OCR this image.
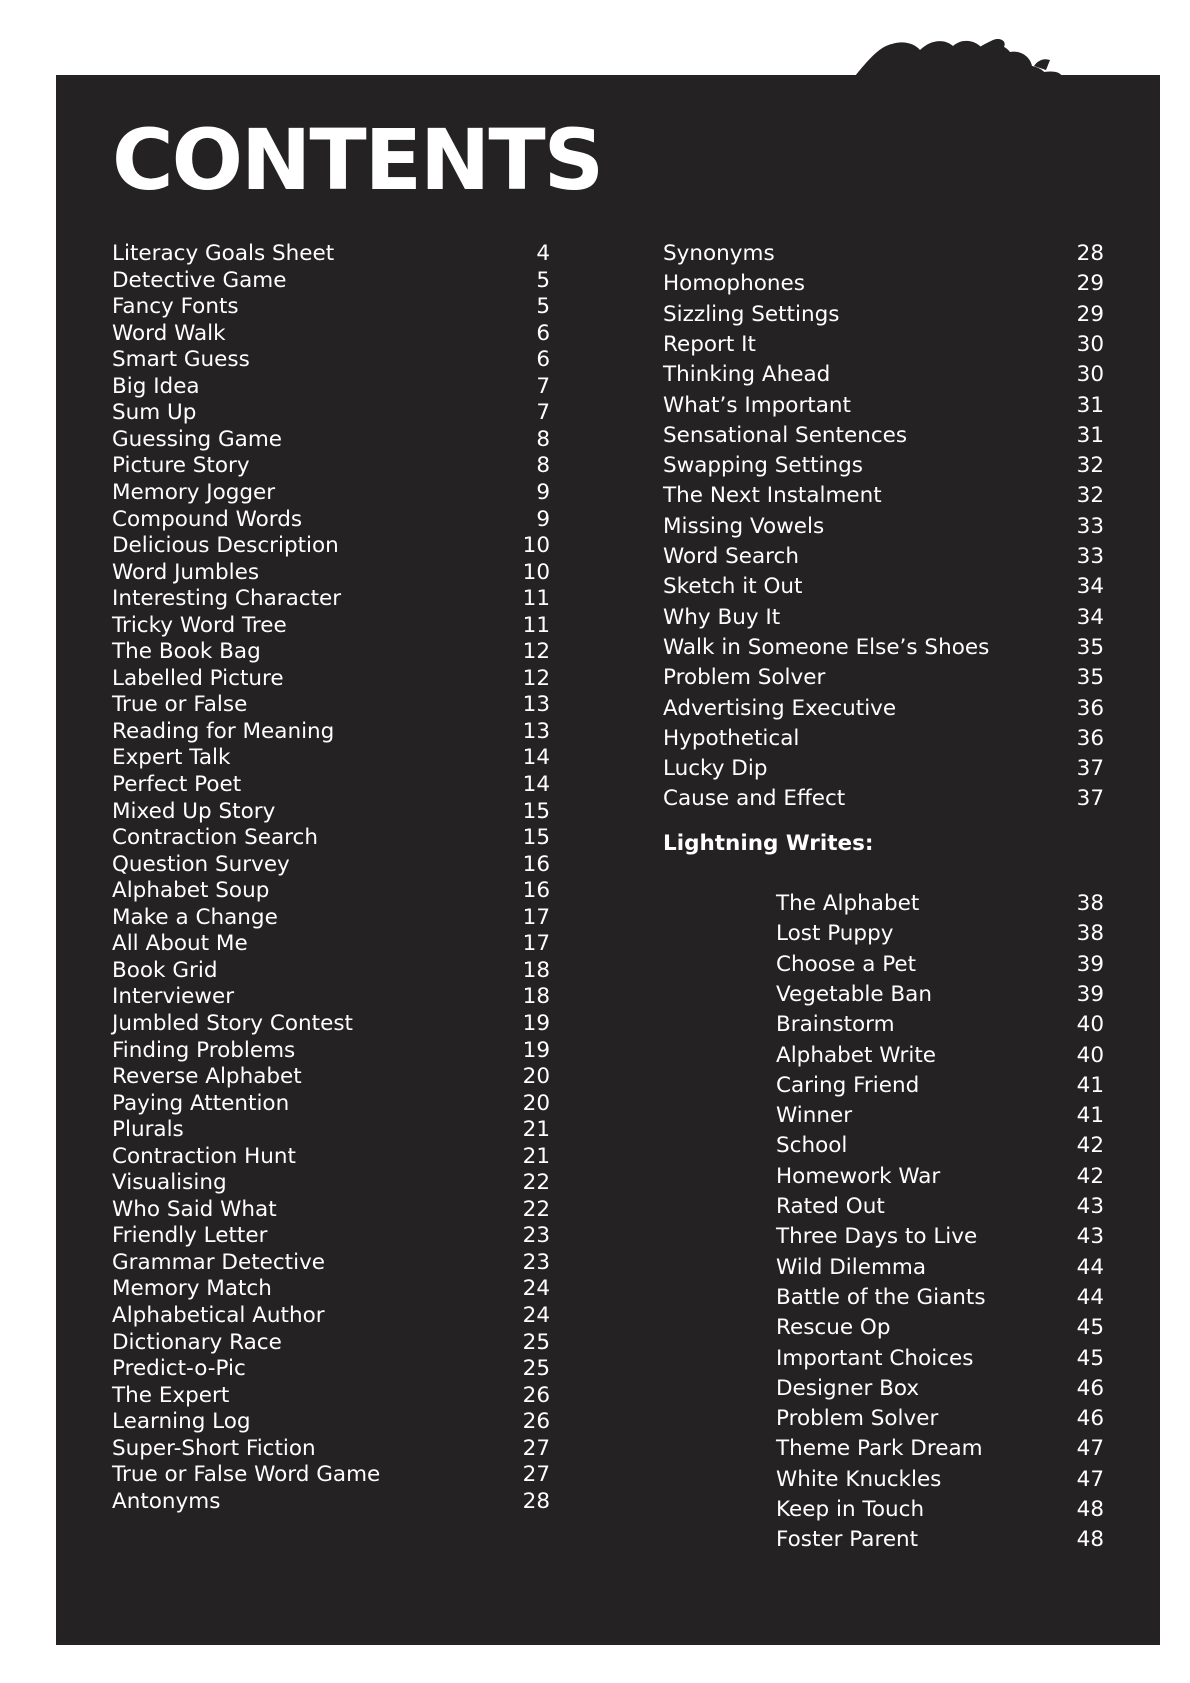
CONTENTS
Literacy Goals Sheet	4
Detective Game	5
Fancy Fonts	5
Word Walk	6
Smart Guess	6
Big Idea	7
Sum Up	7
Guessing Game	8
Picture Story	8
Memory Jogger	9
Compound Words	9
Delicious Description	10
Word Jumbles	10
Interesting Character	11
Tricky Word Tree	11
The Book Bag	12
Labelled Picture	12
True or False	13
Reading for Meaning	13
Expert Talk	14
Perfect Poet	14
Mixed Up Story	15
Contraction Search	15
Question Survey	16
Alphabet Soup	16
Make a Change	17
All About Me	17
Book Grid	18
Interviewer	18
Jumbled Story Contest	19
Finding Problems	19
Reverse Alphabet	20
Paying Attention	20
Plurals	21
Contraction Hunt	21
Visualising	22
Who Said What	22
Friendly Letter	23
Grammar Detective	23
Memory Match	24
Alphabetical Author	24
Dictionary Race	25
Predict-o-Pic	25
The Expert	26
Learning Log	26
Super-Short Fiction	27
True or False Word Game	27
Antonyms	28
Synonyms	28
Homophones	29
Sizzling Settings	29
Report It	30
Thinking Ahead	30
What’s Important	31
Sensational Sentences	31
Swapping Settings	32
The Next Instalment	32
Missing Vowels	33
Word Search	33
Sketch it Out	34
Why Buy It	34
Walk in Someone Else’s Shoes	35
Problem Solver	35
Advertising Executive	36
Hypothetical	36
Lucky Dip	37
Cause and Effect	37
Lightning Writes:
The Alphabet	38
Lost Puppy	38
Choose a Pet	39
Vegetable Ban	39
Brainstorm	40
Alphabet Write	40
Caring Friend	41
Winner	41
School	42
Homework War	42
Rated Out	43
Three Days to Live	43
Wild Dilemma	44
Battle of the Giants	44
Rescue Op	45
Important Choices	45
Designer Box	46
Problem Solver	46
Theme Park Dream	47
White Knuckles	47
Keep in Touch	48
Foster Parent	48
